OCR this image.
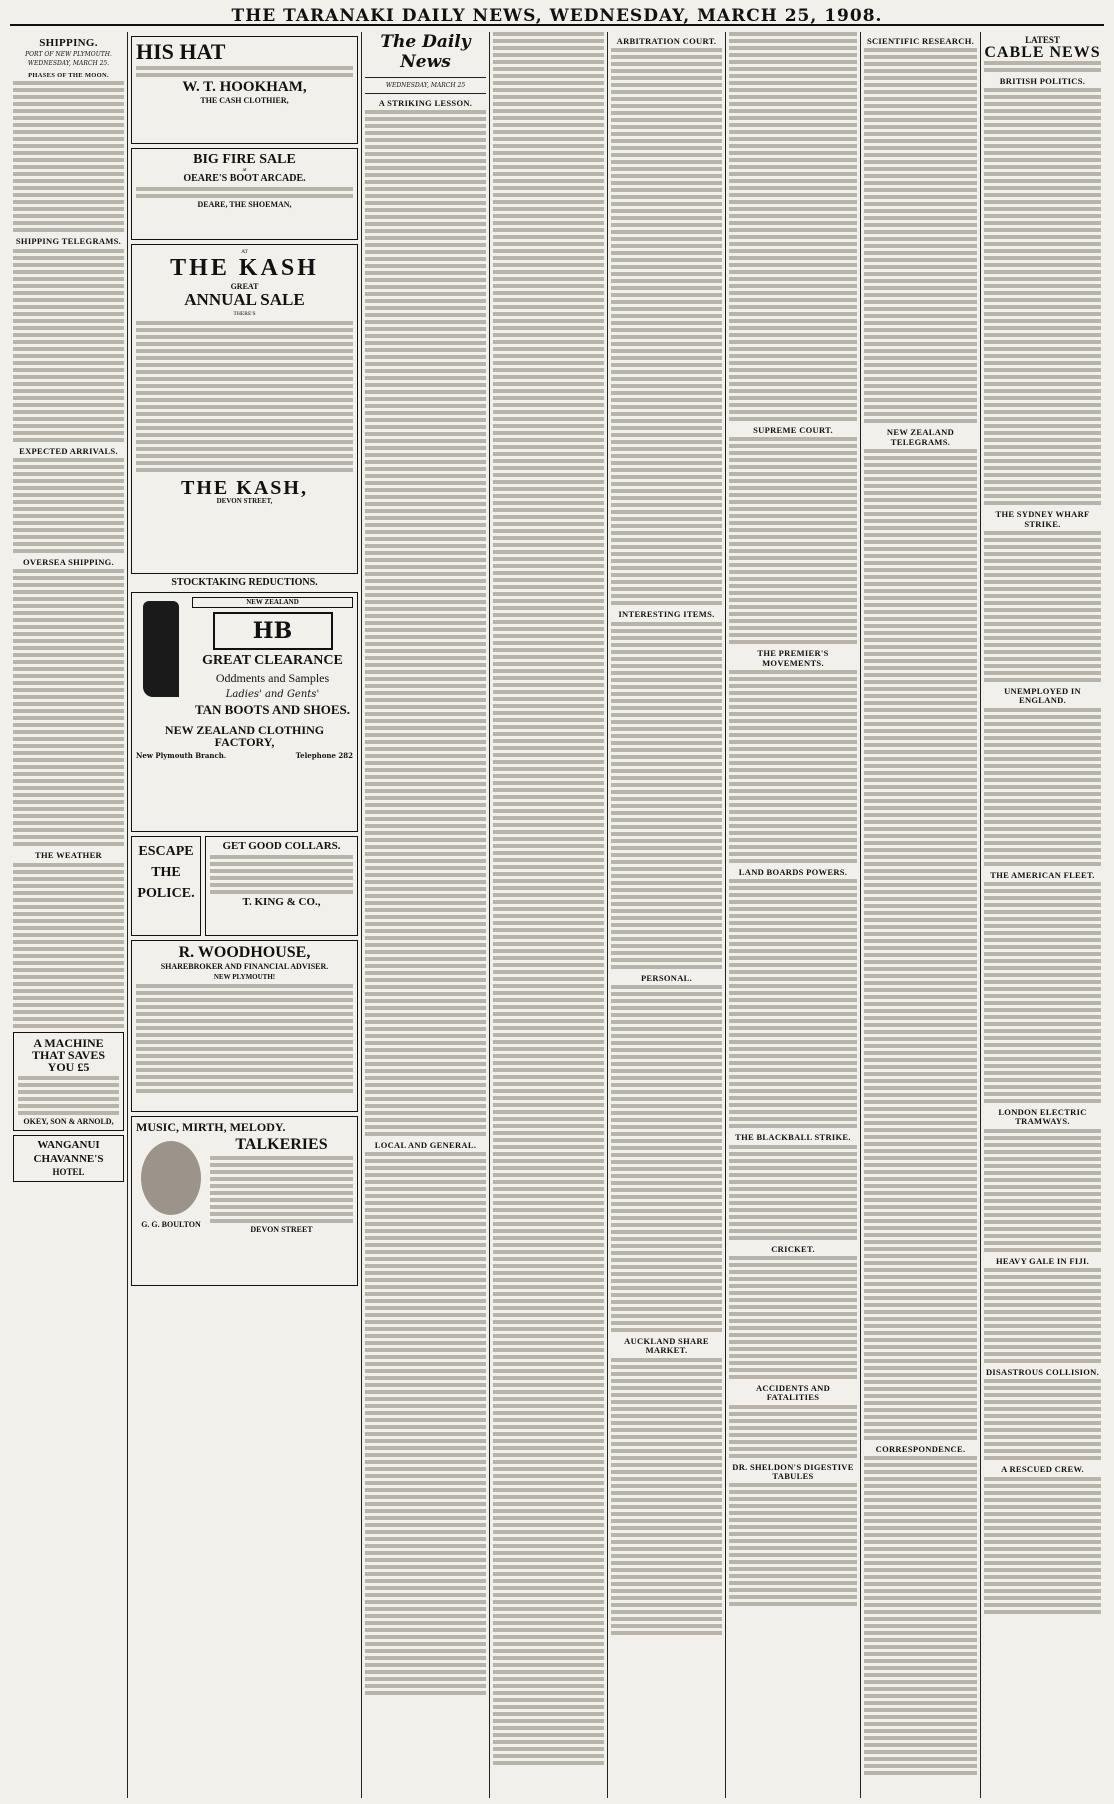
THE TARANAKI DAILY NEWS, WEDNESDAY, MARCH 25, 1908.
SHIPPING.
PORT OF NEW PLYMOUTH.
WEDNESDAY, MARCH 25.
PHASES OF THE MOON.
SHIPPING TELEGRAMS.
EXPECTED ARRIVALS.
OVERSEA SHIPPING.
THE WEATHER
A MACHINE THAT SAVES YOU £5
OKEY, SON & ARNOLD,
WANGANUI
CHAVANNE'S
HOTEL
HIS HAT
W. T. HOOKHAM,
THE CASH CLOTHIER,
BIG FIRE SALE
at
OEARE'S BOOT ARCADE.
DEARE, THE SHOEMAN,
AT
THE KASH
GREAT
ANNUAL SALE
THERE'S
THE KASH,
DEVON STREET,
STOCKTAKING REDUCTIONS.
NEW ZEALAND
HB
GREAT CLEARANCE
Oddments and Samples
Ladies' and Gents'
TAN BOOTS AND SHOES.
NEW ZEALAND CLOTHING FACTORY,
New Plymouth Branch.	Telephone 282
ESCAPE THE POLICE.
GET GOOD COLLARS.
T. KING & CO.,
R. WOODHOUSE,
SHAREBROKER AND FINANCIAL ADVISER.
NEW PLYMOUTH!
MUSIC, MIRTH, MELODY.
G. G. BOULTON
TALKERIES
DEVON STREET
The Daily News
WEDNESDAY, MARCH 25
A STRIKING LESSON.
LOCAL AND GENERAL.
ARBITRATION COURT.
INTERESTING ITEMS.
PERSONAL.
AUCKLAND SHARE MARKET.
SUPREME COURT.
THE PREMIER'S MOVEMENTS.
LAND BOARDS POWERS.
THE BLACKBALL STRIKE.
CRICKET.
ACCIDENTS AND FATALITIES
DR. SHELDON'S DIGESTIVE TABULES
SCIENTIFIC RESEARCH.
NEW ZEALAND TELEGRAMS.
CORRESPONDENCE.
LATEST
CABLE NEWS
BRITISH POLITICS.
THE SYDNEY WHARF STRIKE.
UNEMPLOYED IN ENGLAND.
THE AMERICAN FLEET.
LONDON ELECTRIC TRAMWAYS.
HEAVY GALE IN FIJI.
DISASTROUS COLLISION.
A RESCUED CREW.
